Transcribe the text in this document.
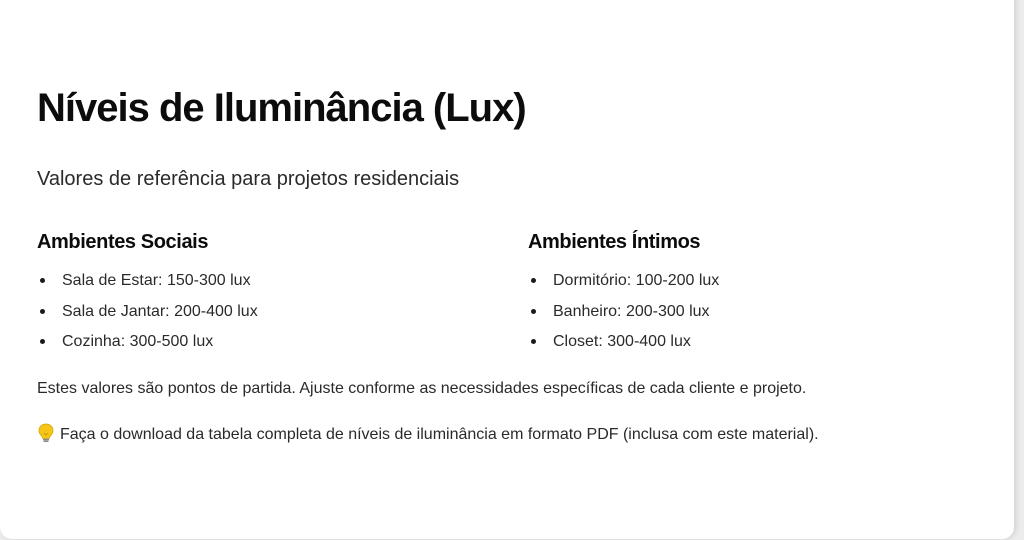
Níveis de Iluminância (Lux)

Valores de referência para projetos residenciais

Ambientes Sociais
Sala de Estar: 150-300 lux
Sala de Jantar: 200-400 lux
Cozinha: 300-500 lux
Ambientes Íntimos
Dormitório: 100-200 lux
Banheiro: 200-300 lux
Closet: 300-400 lux

Estes valores são pontos de partida. Ajuste conforme as necessidades específicas de cada cliente e projeto.

Faça o download da tabela completa de níveis de iluminância em formato PDF (inclusa com este material).
